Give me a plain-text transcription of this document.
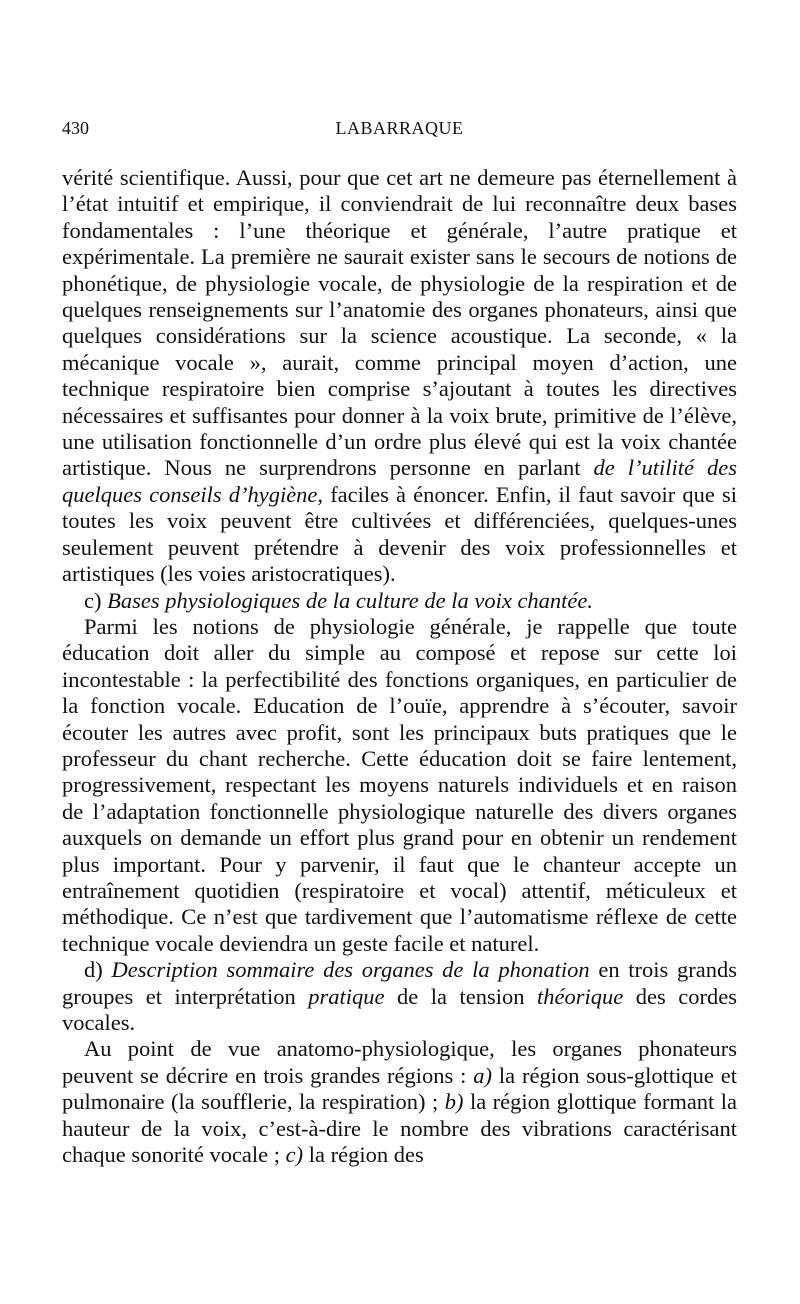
430	LABARRAQUE

vérité scientifique. Aussi, pour que cet art ne demeure pas éternellement à l’état intuitif et empirique, il conviendrait de lui reconnaître deux bases fondamentales : l’une théorique et générale, l’autre pratique et expérimentale. La première ne saurait exister sans le secours de notions de phonétique, de physiologie vocale, de physiologie de la respiration et de quelques renseignements sur l’anatomie des organes phonateurs, ainsi que quelques considérations sur la science acoustique. La seconde, « la mécanique vocale », aurait, comme principal moyen d’action, une technique respiratoire bien comprise s’ajoutant à toutes les directives nécessaires et suffisantes pour donner à la voix brute, primitive de l’élève, une utilisation fonctionnelle d’un ordre plus élevé qui est la voix chantée artistique. Nous ne surprendrons personne en parlant de l’utilité des quelques conseils d’hygiène, faciles à énoncer. Enfin, il faut savoir que si toutes les voix peuvent être cultivées et différenciées, quelques-unes seulement peuvent prétendre à devenir des voix professionnelles et artistiques (les voies aristocratiques).

c) Bases physiologiques de la culture de la voix chantée.

Parmi les notions de physiologie générale, je rappelle que toute éducation doit aller du simple au composé et repose sur cette loi incontestable : la perfectibilité des fonctions organiques, en particulier de la fonction vocale. Education de l’ouïe, apprendre à s’écouter, savoir écouter les autres avec profit, sont les principaux buts pratiques que le professeur du chant recherche. Cette éducation doit se faire lentement, progressivement, respectant les moyens naturels individuels et en raison de l’adaptation fonctionnelle physiologique naturelle des divers organes auxquels on demande un effort plus grand pour en obtenir un rendement plus important. Pour y parvenir, il faut que le chanteur accepte un entraînement quotidien (respiratoire et vocal) attentif, méticuleux et méthodique. Ce n’est que tardivement que l’automatisme réflexe de cette technique vocale deviendra un geste facile et naturel.

d) Description sommaire des organes de la phonation en trois grands groupes et interprétation pratique de la tension théorique des cordes vocales.

Au point de vue anatomo-physiologique, les organes phonateurs peuvent se décrire en trois grandes régions : a) la région sous-glottique et pulmonaire (la soufflerie, la respiration) ; b) la région glottique formant la hauteur de la voix, c’est-à-dire le nombre des vibrations caractérisant chaque sonorité vocale ; c) la région des
